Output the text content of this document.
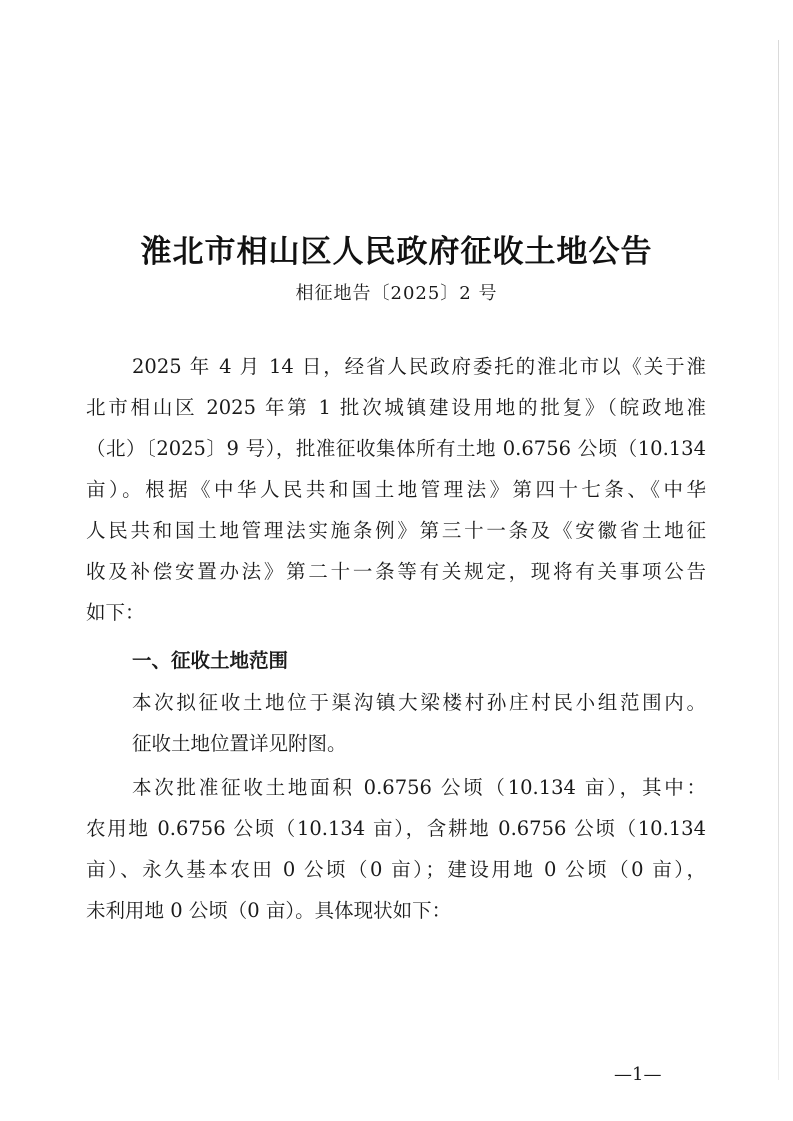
淮北市相山区人民政府征收土地公告
相征地告〔2025〕2 号
2025 年 4 月 14 日，经省人民政府委托的淮北市以《关于淮
北市相山区 2025 年第 1 批次城镇建设用地的批复》（皖政地准
（北）〔2025〕9 号），批准征收集体所有土地 0.6756 公顷（10.134
亩）。根据《中华人民共和国土地管理法》第四十七条、《中华
人民共和国土地管理法实施条例》第三十一条及《安徽省土地征
收及补偿安置办法》第二十一条等有关规定，现将有关事项公告
如下：
一、征收土地范围
本次拟征收土地位于渠沟镇大梁楼村孙庄村民小组范围内。
征收土地位置详见附图。
本次批准征收土地面积 0.6756 公顷（10.134 亩），其中：
农用地 0.6756 公顷（10.134 亩），含耕地 0.6756 公顷（10.134
亩）、永久基本农田 0 公顷（0 亩）；建设用地 0 公顷（0 亩），
未利用地 0 公顷（0 亩）。具体现状如下：
—1—
